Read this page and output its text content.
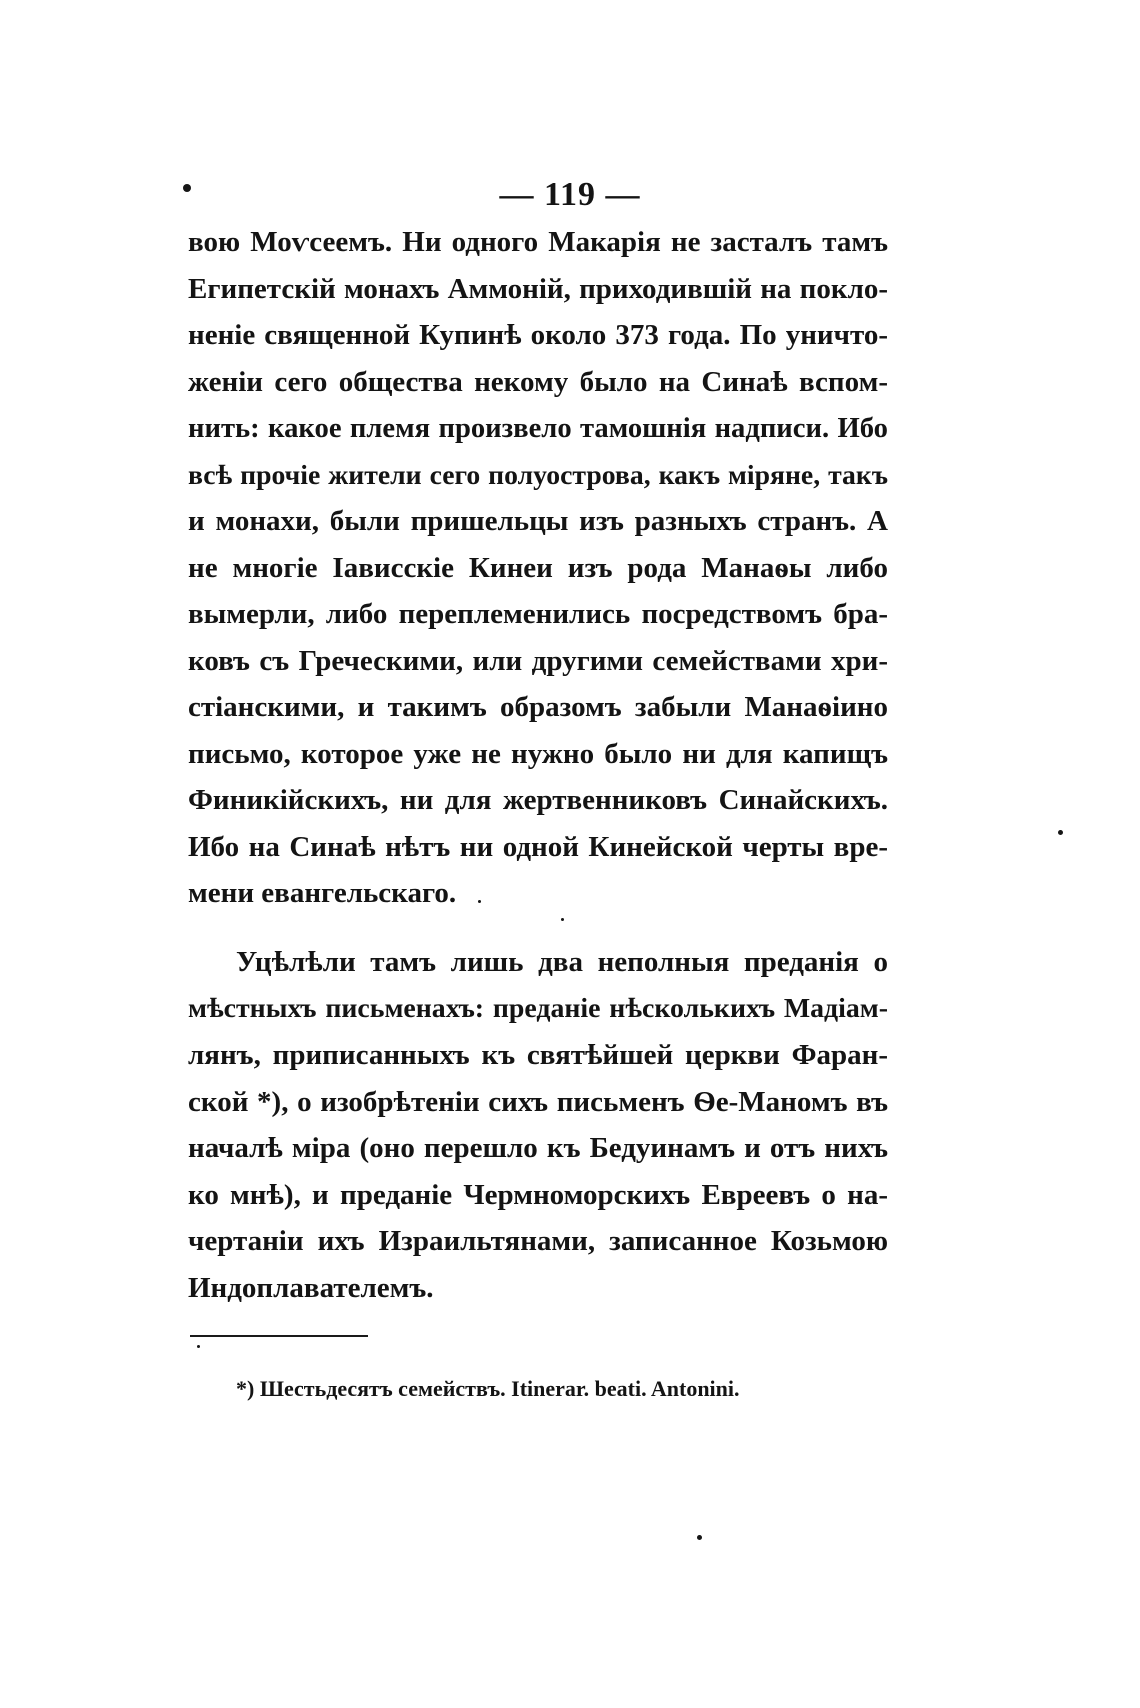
— 119 —
вою Моѵсеемъ. Ни одного Макарія не засталъ тамъ
Египетскій монахъ Аммоній, приходившій на покло-
неніе священной Купинѣ около 373 года. По уничто-
женіи сего общества некому было на Синаѣ вспом-
нить: какое племя произвело тамошнія надписи. Ибо
всѣ прочіе жители сего полуострова, какъ міряне, такъ
и монахи, были пришельцы изъ разныхъ странъ. А
не многіе Іависскіе Кинеи изъ рода Манаѳы либо
вымерли, либо переплеменились посредствомъ бра-
ковъ съ Греческими, или другими семействами хри-
стіанскими, и такимъ образомъ забыли Манаѳіино
письмо, которое уже не нужно было ни для капищъ
Финикійскихъ, ни для жертвенниковъ Синайскихъ.
Ибо на Синаѣ нѣтъ ни одной Кинейской черты вре-
мени евангельскаго.
Уцѣлѣли тамъ лишь два неполныя преданія о
мѣстныхъ письменахъ: преданіе нѣсколькихъ Мадіам-
лянъ, приписанныхъ къ святѣйшей церкви Фаран-
ской *), о изобрѣтеніи сихъ письменъ Ѳе-Маномъ въ
началѣ міра (оно перешло къ Бедуинамъ и отъ нихъ
ко мнѣ), и преданіе Чермноморскихъ Евреевъ о на-
чертаніи ихъ Израильтянами, записанное Козьмою
Индоплавателемъ.
*) Шестьдесятъ семействъ. Itinerar. beati. Antonini.
